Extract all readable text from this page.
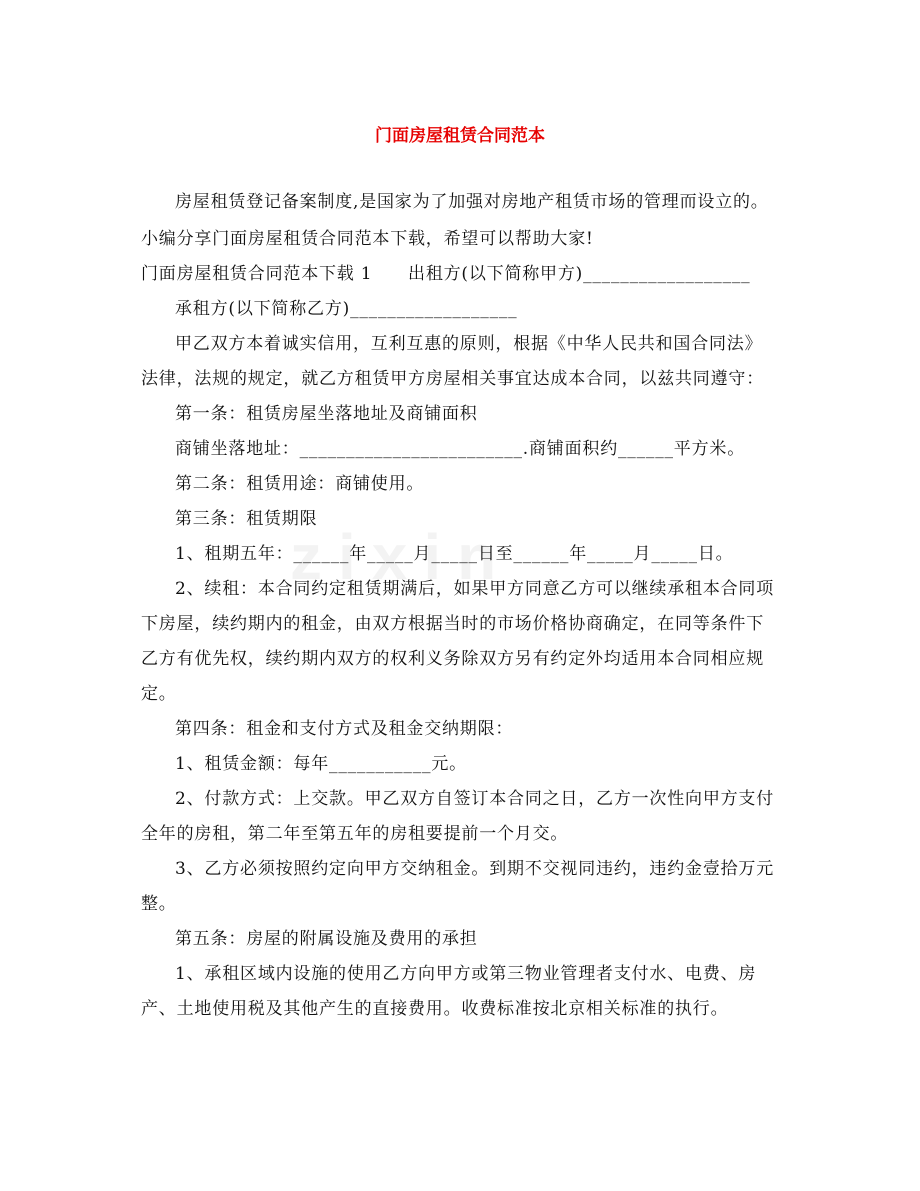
门面房屋租赁合同范本
房屋租赁登记备案制度,是国家为了加强对房地产租赁市场的管理而设立的。
小编分享门面房屋租赁合同范本下载，希望可以帮助大家!
门面房屋租赁合同范本下载 1　　出租方(以下简称甲方)__________________
承租方(以下简称乙方)__________________
甲乙双方本着诚实信用，互利互惠的原则，根据《中华人民共和国合同法》
法律，法规的规定，就乙方租赁甲方房屋相关事宜达成本合同，以兹共同遵守：
第一条：租赁房屋坐落地址及商铺面积
商铺坐落地址：________________________.商铺面积约______平方米。
第二条：租赁用途：商铺使用。
第三条：租赁期限
1、租期五年：______年_____月_____日至______年_____月_____日。
2、续租：本合同约定租赁期满后，如果甲方同意乙方可以继续承租本合同项
下房屋，续约期内的租金，由双方根据当时的市场价格协商确定，在同等条件下
乙方有优先权，续约期内双方的权利义务除双方另有约定外均适用本合同相应规
定。
第四条：租金和支付方式及租金交纳期限：
1、租赁金额：每年___________元。
2、付款方式：上交款。甲乙双方自签订本合同之日，乙方一次性向甲方支付
全年的房租，第二年至第五年的房租要提前一个月交。
3、乙方必须按照约定向甲方交纳租金。到期不交视同违约，违约金壹拾万元
整。
第五条：房屋的附属设施及费用的承担
1、承租区域内设施的使用乙方向甲方或第三物业管理者支付水、电费、房
产、土地使用税及其他产生的直接费用。收费标准按北京相关标准的执行。
